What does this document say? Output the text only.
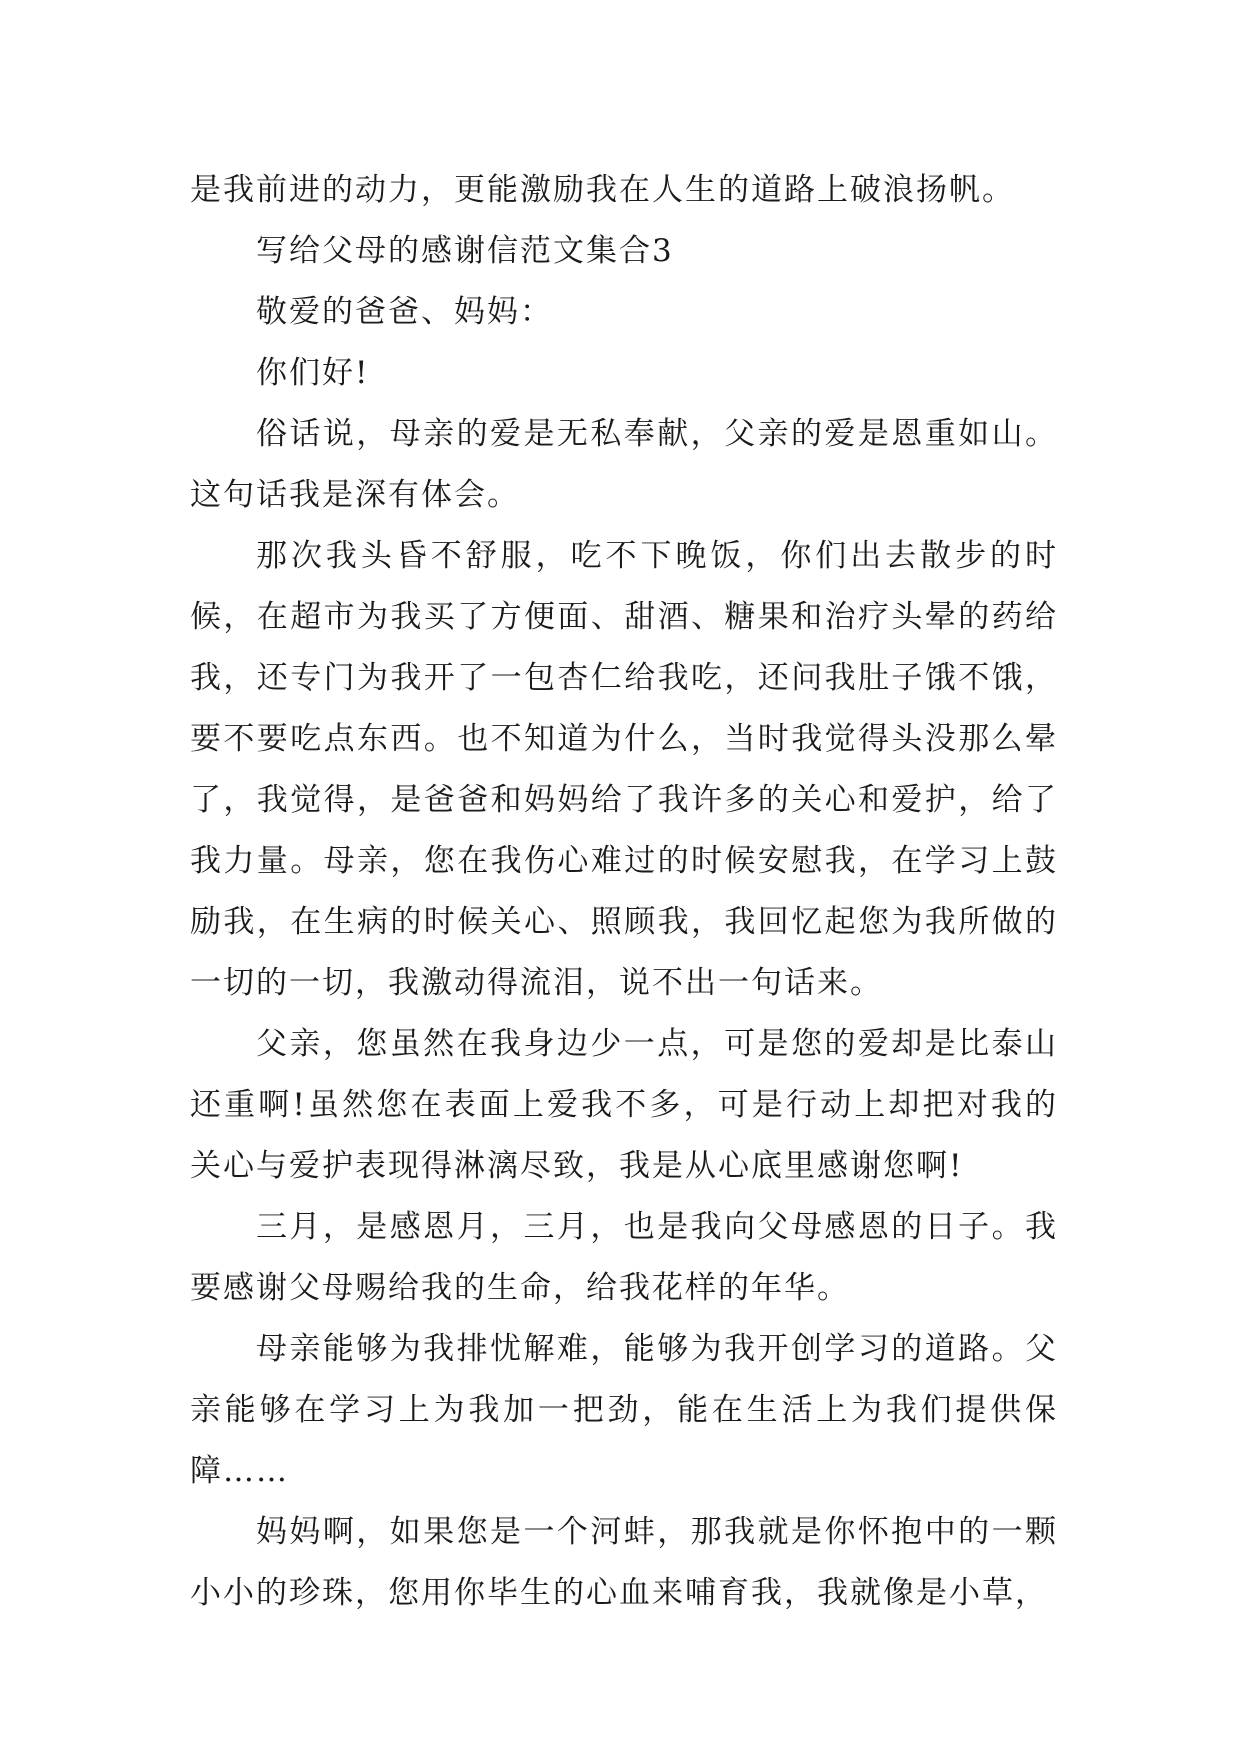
是我前进的动力，更能激励我在人生的道路上破浪扬帆。

写给父母的感谢信范文集合3

敬爱的爸爸、妈妈：

你们好!

俗话说，母亲的爱是无私奉献，父亲的爱是恩重如山。这句话我是深有体会。

那次我头昏不舒服，吃不下晚饭，你们出去散步的时候，在超市为我买了方便面、甜酒、糖果和治疗头晕的药给我，还专门为我开了一包杏仁给我吃，还问我肚子饿不饿，要不要吃点东西。也不知道为什么，当时我觉得头没那么晕了，我觉得，是爸爸和妈妈给了我许多的关心和爱护，给了我力量。母亲，您在我伤心难过的时候安慰我，在学习上鼓励我，在生病的时候关心、照顾我，我回忆起您为我所做的一切的一切，我激动得流泪，说不出一句话来。

父亲，您虽然在我身边少一点，可是您的爱却是比泰山还重啊!虽然您在表面上爱我不多，可是行动上却把对我的关心与爱护表现得淋漓尽致，我是从心底里感谢您啊!

三月，是感恩月，三月，也是我向父母感恩的日子。我要感谢父母赐给我的生命，给我花样的年华。

母亲能够为我排忧解难，能够为我开创学习的道路。父亲能够在学习上为我加一把劲，能在生活上为我们提供保障……

妈妈啊，如果您是一个河蚌，那我就是你怀抱中的一颗小小的珍珠，您用你毕生的心血来哺育我，我就像是小草，
